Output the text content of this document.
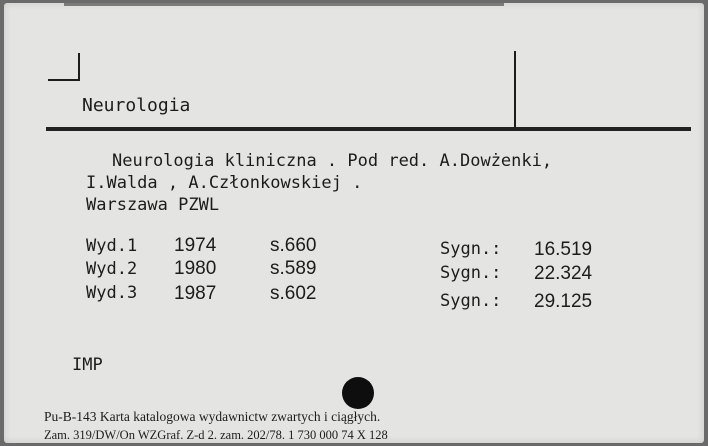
Neurologia
Neurologia kliniczna . Pod red. A.Dowżenki,
I.Walda , A.Członkowskiej .
Warszawa PZWL
Wyd.1 1974	s.660	Sygn.: 16.519
Wyd.2 1980	s.589	Sygn.: 22.324
Wyd.3 1987	s.602	Sygn.: 29.125
IMP
Pu-B-143 Karta katalogowa wydawnictw zwartych i ciągłych.
Zam. 319/DW/On WZGraf. Z-d 2. zam. 202/78. 1 730 000 74 X 128
